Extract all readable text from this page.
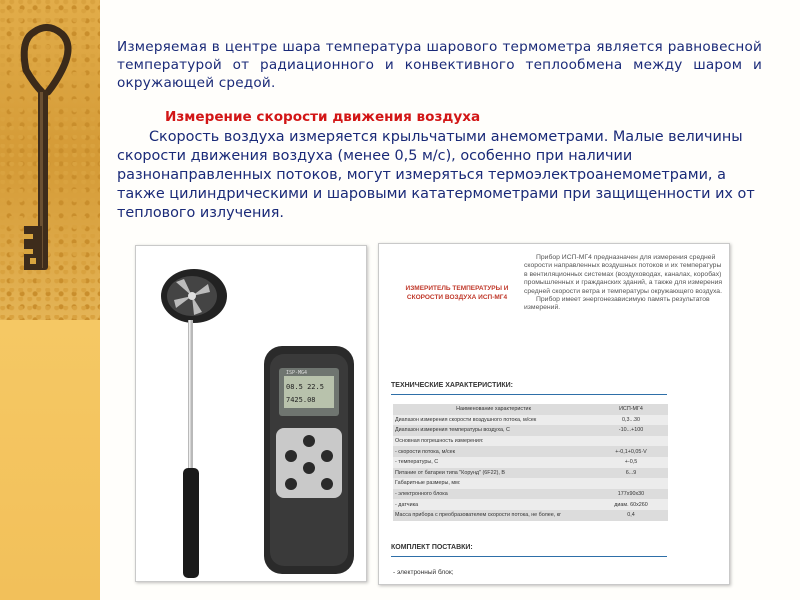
Измеряемая в центре шара температура шарового термометра является равновесной температурой от радиационного и конвективного теплообмена между шаром и окружающей средой.
Измерение скорости движения воздуха
Скорость воздуха измеряется крыльчатыми анемометрами. Малые величины скорости движения воздуха (менее 0,5 м/с), особенно при наличии разнонаправленных потоков, могут измеряться термоэлектроанемометрами, а также цилиндрическими и шаровыми кататермометрами при защищенности их от теплового излучения.
ISP-MG4
08.5 22.5
7425.08
ИЗМЕРИТЕЛЬ ТЕМПЕРАТУРЫ И СКОРОСТИ ВОЗДУХА ИСП-МГ4
Прибор ИСП-МГ4 предназначен для измерения средней скорости направленных воздушных потоков и их температуры в вентиляционных системах (воздуховодах, каналах, коробах) промышленных и гражданских зданий, а также для измерения средней скорости ветра и температуры окружающего воздуха.
Прибор имеет энергонезависимую память результатов измерений.
ТЕХНИЧЕСКИЕ ХАРАКТЕРИСТИКИ:
Наименование характеристик	ИСП-МГ4
Диапазон измерения скорости воздушного потока, м/сек	0,3...30
Диапазон измерения температуры воздуха, С	-10...+100
Основная погрешность измерения:	
- скорости потока, м/сек	+-0,1+0,05·V
- температуры, С	+-0,5
Питание от батареи типа "Корунд" (6F22), В	6...9
Габаритные размеры, мм:	
- электронного блока	177х90х30
- датчика	диам. 60х260
Масса прибора с преобразователем скорости потока, не более, кг	0,4
КОМПЛЕКТ ПОСТАВКИ:
- электронный блок;
